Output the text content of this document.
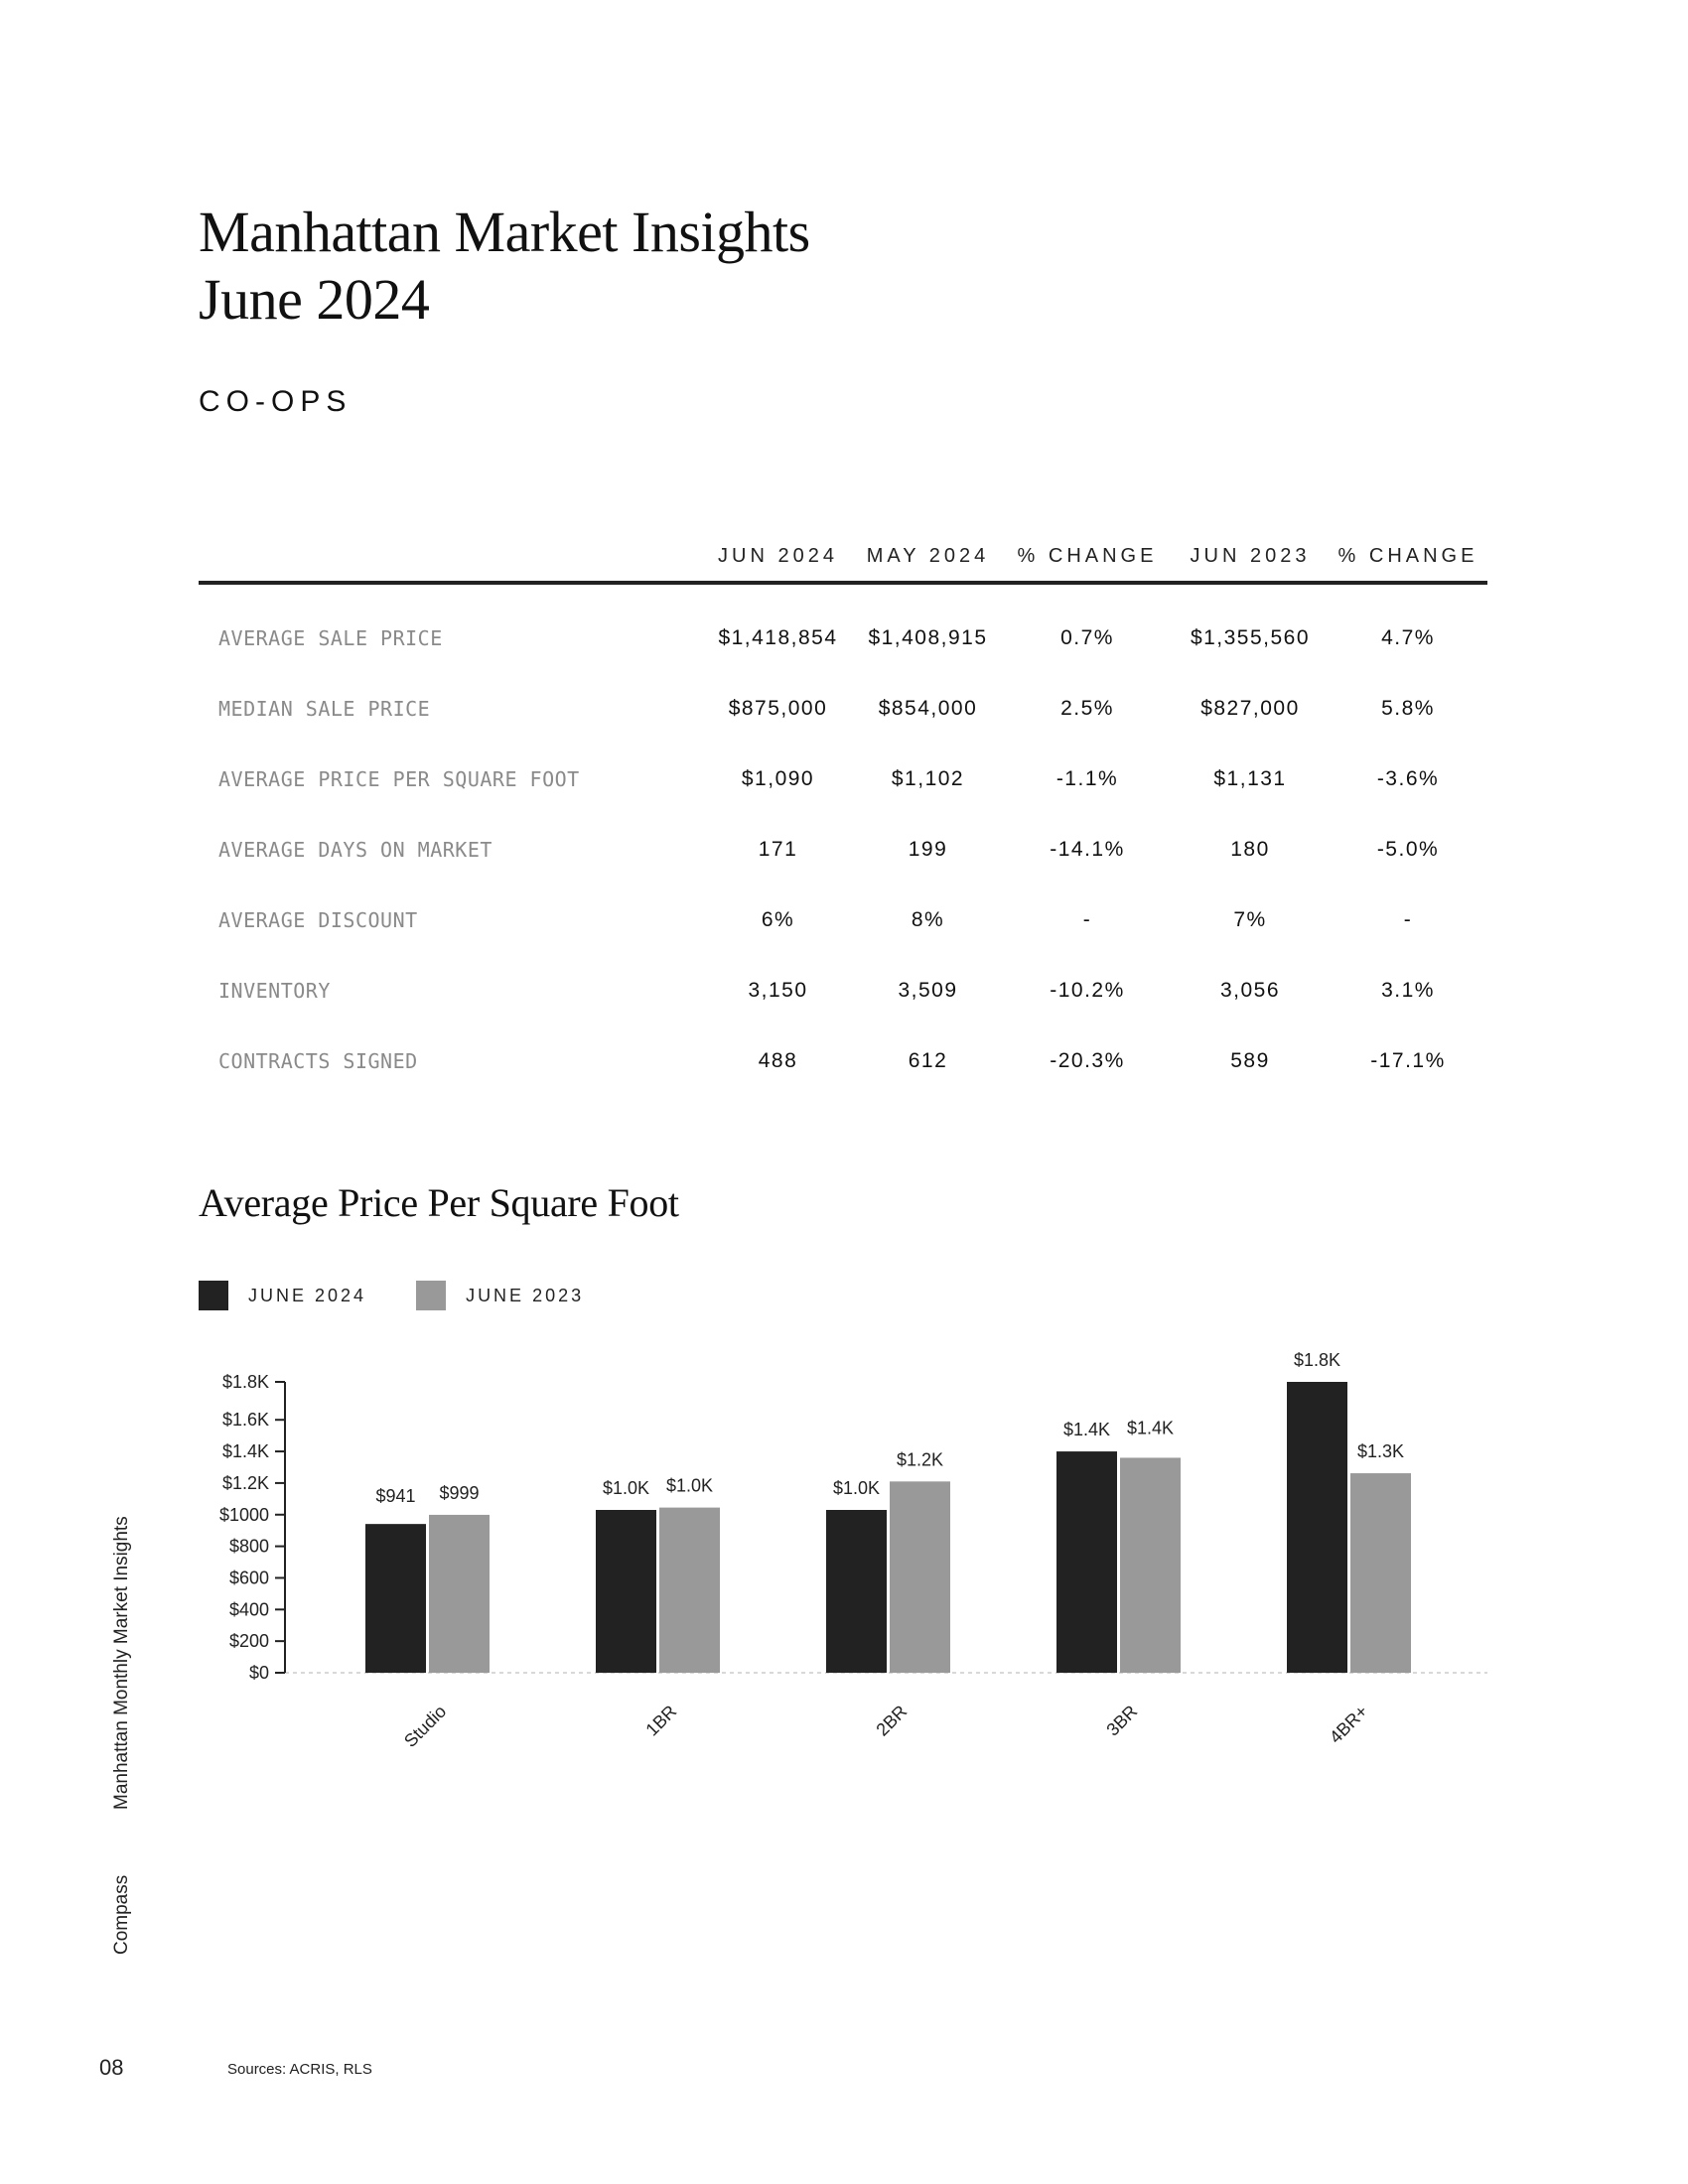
Manhattan Market Insights
June 2024
CO-OPS
	JUN 2024	MAY 2024	% CHANGE	JUN 2023	% CHANGE
AVERAGE SALE PRICE	$1,418,854	$1,408,915	0.7%	$1,355,560	4.7%
MEDIAN SALE PRICE	$875,000	$854,000	2.5%	$827,000	5.8%
AVERAGE PRICE PER SQUARE FOOT	$1,090	$1,102	-1.1%	$1,131	-3.6%
AVERAGE DAYS ON MARKET	171	199	-14.1%	180	-5.0%
AVERAGE DISCOUNT	6%	8%	-	7%	-
INVENTORY	3,150	3,509	-10.2%	3,056	3.1%
CONTRACTS SIGNED	488	612	-20.3%	589	-17.1%
Average Price Per Square Foot
JUNE 2024	JUNE 2023
$0
$200
$400
$600
$800
$1000
$1.2K
$1.4K
$1.6K
$1.8K
$941 $999
Studio
$1.0K $1.0K
1BR
$1.0K
$1.2K
2BR
$1.4K $1.4K
3BR
$1.8K
$1.3K
4BR+
Manhattan Monthly Market Insights
Compass
08	Sources: ACRIS, RLS
